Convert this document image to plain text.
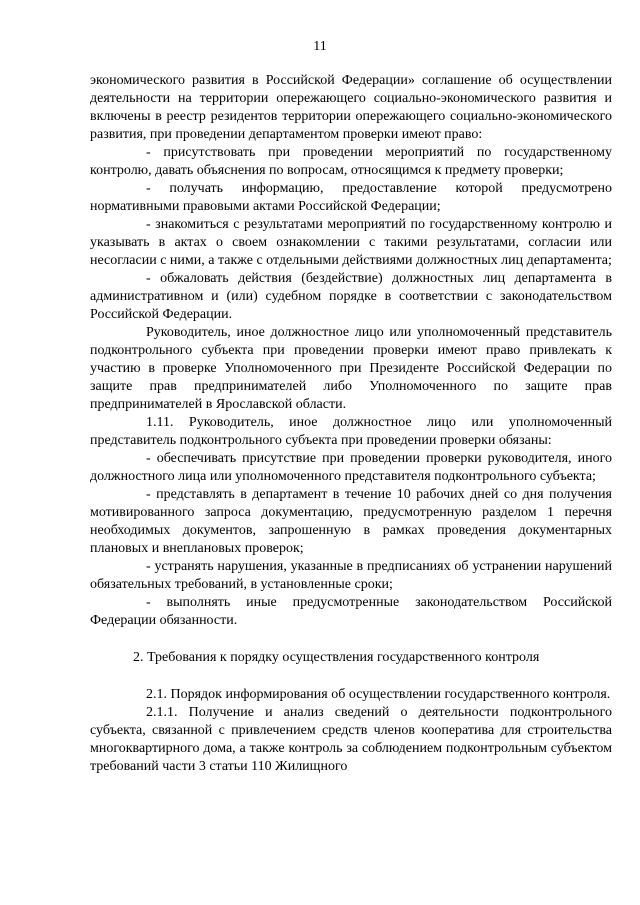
11

экономического развития в Российской Федерации» соглашение об осуществлении деятельности на территории опережающего социально-экономического развития и включены в реестр резидентов территории опережающего социально-экономического развития, при проведении департаментом проверки имеют право:

- присутствовать при проведении мероприятий по государственному контролю, давать объяснения по вопросам, относящимся к предмету проверки;

- получать информацию, предоставление которой предусмотрено нормативными правовыми актами Российской Федерации;

- знакомиться с результатами мероприятий по государственному контролю и указывать в актах о своем ознакомлении с такими результатами, согласии или несогласии с ними, а также с отдельными действиями должностных лиц департамента;

- обжаловать действия (бездействие) должностных лиц департамента в административном и (или) судебном порядке в соответствии с законодательством Российской Федерации.

Руководитель, иное должностное лицо или уполномоченный представитель подконтрольного субъекта при проведении проверки имеют право привлекать к участию в проверке Уполномоченного при Президенте Российской Федерации по защите прав предпринимателей либо Уполномоченного по защите прав предпринимателей в Ярославской области.

1.11. Руководитель, иное должностное лицо или уполномоченный представитель подконтрольного субъекта при проведении проверки обязаны:

- обеспечивать присутствие при проведении проверки руководителя, иного должностного лица или уполномоченного представителя подконтрольного субъекта;

- представлять в департамент в течение 10 рабочих дней со дня получения мотивированного запроса документацию, предусмотренную разделом 1 перечня необходимых документов, запрошенную в рамках проведения документарных плановых и внеплановых проверок;

- устранять нарушения, указанные в предписаниях об устранении нарушений обязательных требований, в установленные сроки;

- выполнять иные предусмотренные законодательством Российской Федерации обязанности.

2. Требования к порядку осуществления государственного контроля

2.1. Порядок информирования об осуществлении государственного контроля.

2.1.1. Получение и анализ сведений о деятельности подконтрольного субъекта, связанной с привлечением средств членов кооператива для строительства многоквартирного дома, а также контроль за соблюдением подконтрольным субъектом требований части 3 статьи 110 Жилищного
